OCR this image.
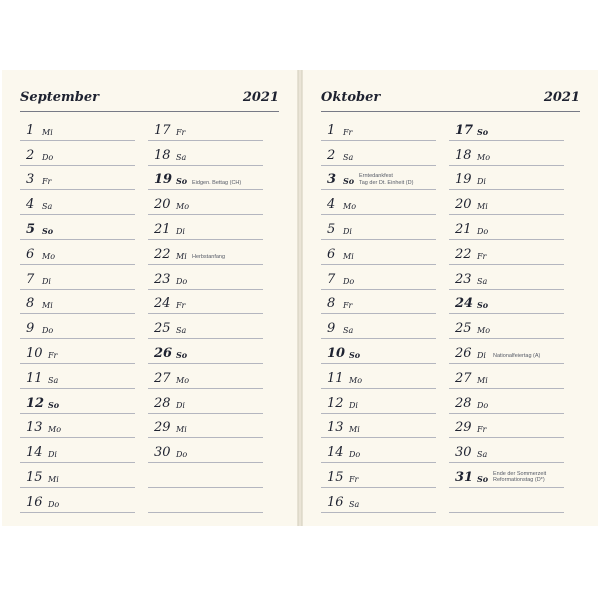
September	2021
1 Mi
2 Do
3 Fr
4 Sa
5 So
6 Mo
7 Di
8 Mi
9 Do
10 Fr
11 Sa
12 So
13 Mo
14 Di
15 Mi
16 Do
17 Fr
18 Sa
19 So Eidgen. Bettag (CH)
20 Mo
21 Di
22 Mi Herbstanfang
23 Do
24 Fr
25 Sa
26 So
27 Mo
28 Di
29 Mi
30 Do
Oktober	2021
1 Fr
2 Sa
3 So Tag der Dt. Einheit (D)
Erntedankfest
4 Mo
5 Di
6 Mi
7 Do
8 Fr
9 Sa
10 So
11 Mo
12 Di
13 Mi
14 Do
15 Fr
16 Sa
17 So
18 Mo
19 Di
20 Mi
21 Do
22 Fr
23 Sa
24 So
25 Mo
26 Di Nationalfeiertag (A)
27 Mi
28 Do
29 Fr
30 Sa
31 So Reformationstag (D*)
Ende der Sommerzeit
